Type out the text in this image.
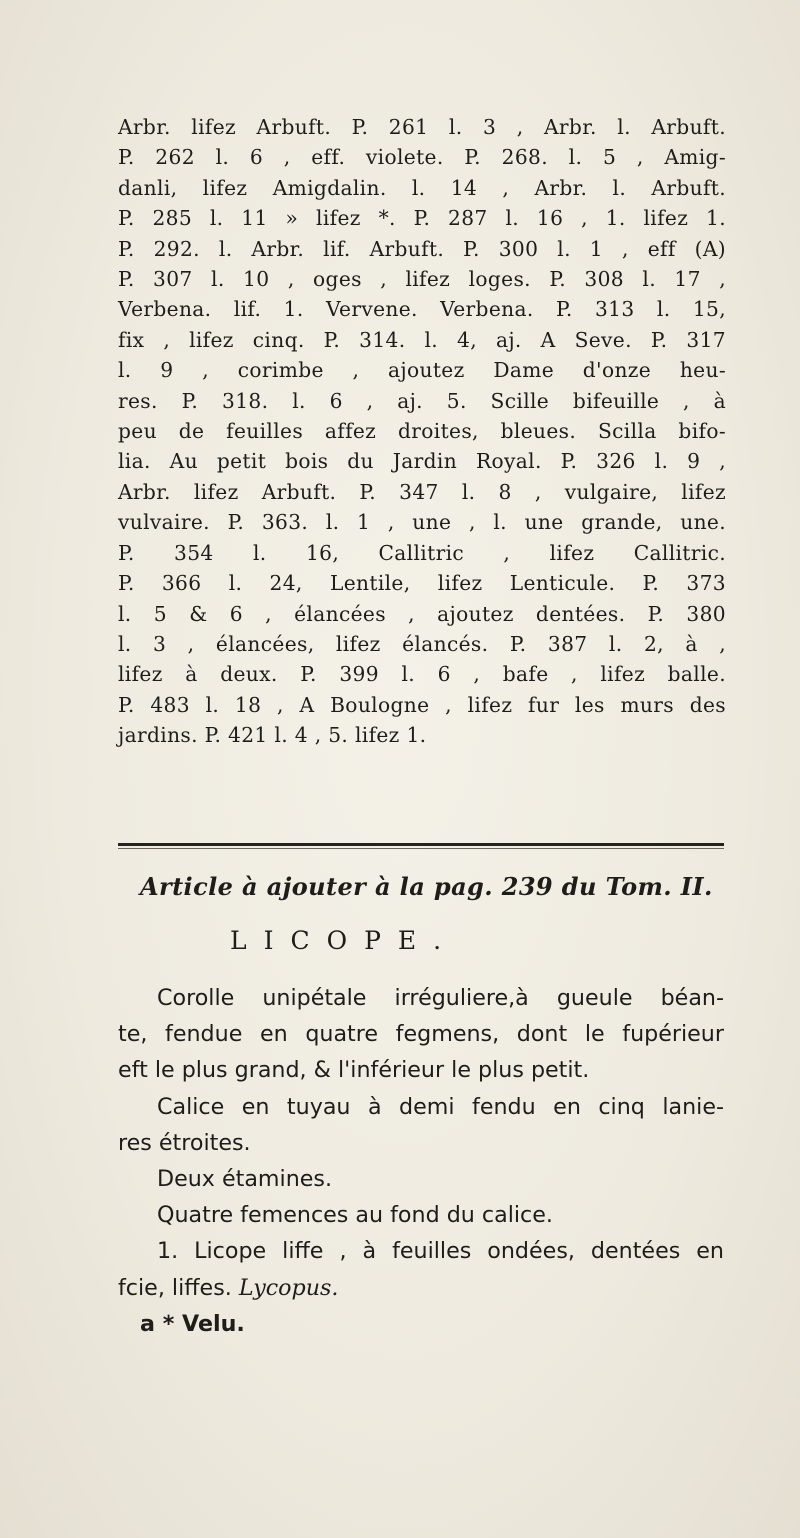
Arbr. lifez Arbuft. P. 261 l. 3 , Arbr. l. Arbuft.
P. 262 l. 6 , eff. violete. P. 268. l. 5 , Amig-
danli, lifez Amigdalin. l. 14 , Arbr. l. Arbuft.
P. 285 l. 11 » lifez *. P. 287 l. 16 , 1. lifez 1.
P. 292. l. Arbr. lif. Arbuft. P. 300 l. 1 , eff (A)
P. 307 l. 10 , oges , lifez loges. P. 308 l. 17 ,
Verbena. lif. 1. Vervene. Verbena. P. 313 l. 15,
fix , lifez cinq. P. 314. l. 4, aj. A Seve. P. 317
l. 9 , corimbe , ajoutez Dame d'onze heu-
res. P. 318. l. 6 , aj. 5. Scille bifeuille , à
peu de feuilles affez droites, bleues. Scilla bifo-
lia. Au petit bois du Jardin Royal. P. 326 l. 9 ,
Arbr. lifez Arbuft. P. 347 l. 8 , vulgaire, lifez
vulvaire. P. 363. l. 1 , une , l. une grande, une.
P. 354 l. 16, Callitric , lifez Callitric.
P. 366 l. 24, Lentile, lifez Lenticule. P. 373
l. 5 & 6 , élancées , ajoutez dentées. P. 380
l. 3 , élancées, lifez élancés. P. 387 l. 2, à ,
lifez à deux. P. 399 l. 6 , bafe , lifez balle.
P. 483 l. 18 , A Boulogne , lifez fur les murs des
jardins. P. 421 l. 4 , 5. lifez 1.
Article à ajouter à la pag. 239 du Tom. II.
LICOPE.
Corolle unipétale irréguliere,à gueule béan-
te, fendue en quatre fegmens, dont le fupérieur
eft le plus grand, & l'inférieur le plus petit.
Calice en tuyau à demi fendu en cinq lanie-
res étroites.
Deux étamines.
Quatre femences au fond du calice.
1. Licope liffe , à feuilles ondées, dentées en
fcie, liffes. Lycopus.
a * Velu.
